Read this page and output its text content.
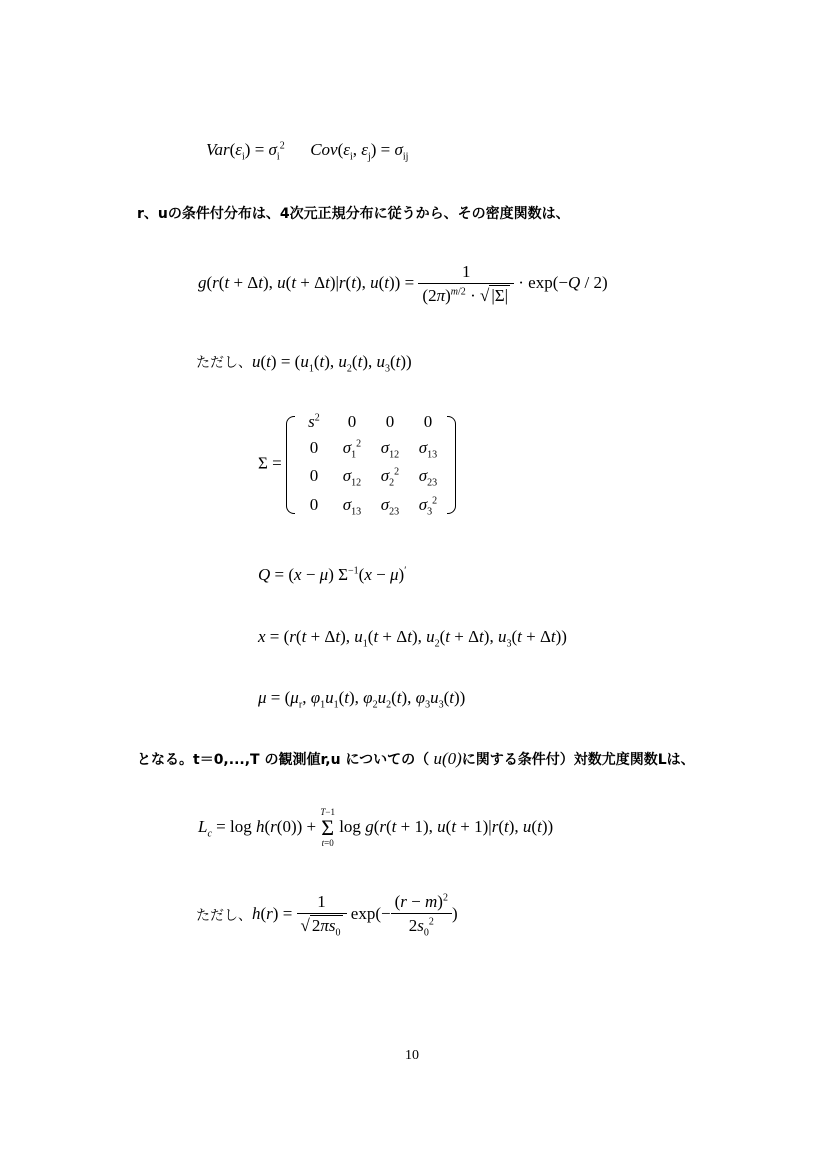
$Var(\varepsilon_i) = \sigma_i^2$ $Cov(\varepsilon_i$, $\varepsilon_j) = \sigma_{ij}$
r、uの条件付分布は、4次元正規分布に従うから、その密度関数は、
g(r(t + Δt), u(t + Δt)|r(t), $u(t)) = \frac{1}{(2\pi)^{m/2} \cdot √ |\Sigma|} \cdot \exp(-Q / 2)$
ただし、$u(t) = (u_1(t)$, $u_2(t)$, $u_3(t)$)
Σ =
$s^2$	0	0	0
0	$\sigma_1^2$	$\sigma_{12}$	$\sigma_{13}$
0	$\sigma_{12}$	$\sigma_2^2$	$\sigma_{23}$
0	$\sigma_{13}$	$\sigma_{23}$	$\sigma_3^2$
Q = (x − μ) $\Sigma^{-1}(x - \mu)'$
x = (r(t + Δt), $u_1(t + \Delta t)$, $u_2(t + \Delta t)$, $u_3(t + \Delta t)$)
$\mu = (\mu_r$, $\varphi_1u_1(t)$, $\varphi_2u_2(t)$, $\varphi_3u_3(t)$)
となる。t＝0,...,T の観測値r,u についての（ u(0)に関する条件付）対数尤度関数Lは、
$L_c = \log h(r(0))$ +
T−1
Σ
t=0
log g(r(t + 1), u(t + 1)|r(t), u(t))
ただし、$h(r) = \frac{1}{√ 2\pi s_0} \exp(- \frac{(r - m)^2}{2s_0^2}$ )
10
